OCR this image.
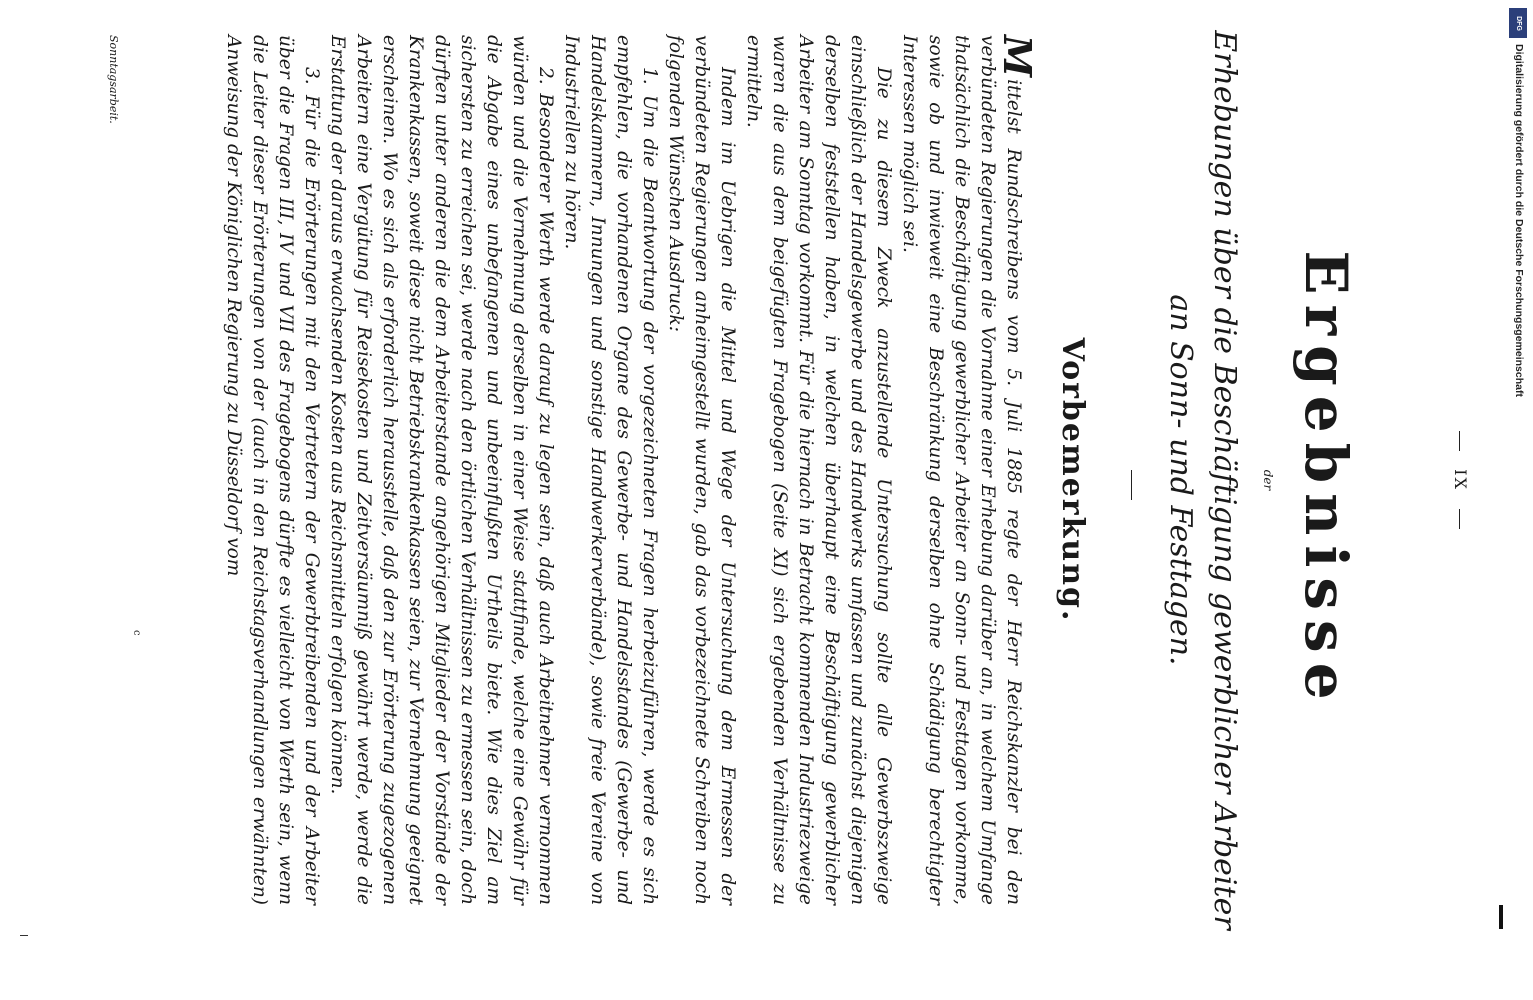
IX
Ergebnisse
der
Erhebungen über die Beschäftigung gewerblicher Arbeiter
an Sonn- und Festtagen.
Vorbemerkung.

Mittelst Rundschreibens vom 5. Juli 1885 regte der Herr Reichskanzler bei den verbündeten Regierungen die Vornahme einer Erhebung darüber an, in welchem Umfange thatsächlich die Beschäftigung gewerblicher Arbeiter an Sonn- und Festtagen vorkomme, sowie ob und inwieweit eine Beschränkung derselben ohne Schädigung berechtigter Interessen möglich sei.

Die zu diesem Zweck anzustellende Untersuchung sollte alle Gewerbszweige einschließlich der Handelsgewerbe und des Handwerks umfassen und zunächst diejenigen derselben feststellen haben, in welchen überhaupt eine Beschäftigung gewerblicher Arbeiter am Sonntag vorkommt. Für die hiernach in Betracht kommenden Industriezweige waren die aus dem beigefügten Fragebogen (Seite XI) sich ergebenden Verhältnisse zu ermitteln.

Indem im Uebrigen die Mittel und Wege der Untersuchung dem Ermessen der verbündeten Regierungen anheimgestellt wurden, gab das vorbezeichnete Schreiben noch folgenden Wünschen Ausdruck:

1. Um die Beantwortung der vorgezeichneten Fragen herbeizuführen, werde es sich empfehlen, die vorhandenen Organe des Gewerbe- und Handelsstandes (Gewerbe- und Handelskammern, Innungen und sonstige Handwerkerverbände), sowie freie Vereine von Industriellen zu hören.

2. Besonderer Werth werde darauf zu legen sein, daß auch Arbeitnehmer vernommen würden und die Vernehmung derselben in einer Weise stattfinde, welche eine Gewähr für die Abgabe eines unbefangenen und unbeeinflußten Urtheils biete. Wie dies Ziel am sichersten zu erreichen sei, werde nach den örtlichen Verhältnissen zu ermessen sein, doch dürften unter anderen die dem Arbeiterstande angehörigen Mitglieder der Vorstände der Krankenkassen, soweit diese nicht Betriebskrankenkassen seien, zur Vernehmung geeignet erscheinen. Wo es sich als erforderlich herausstelle, daß den zur Erörterung zugezogenen Arbeitern eine Vergütung für Reisekosten und Zeitversäumniß gewährt werde, werde die Erstattung der daraus erwachsenden Kosten aus Reichsmitteln erfolgen können.

3. Für die Erörterungen mit den Vertretern der Gewerbtreibenden und der Arbeiter über die Fragen III, IV und VII des Fragebogens dürfte es vielleicht von Werth sein, wenn die Leiter dieser Erörterungen von der (auch in den Reichstagsverhandlungen erwähnten) Anweisung der Königlichen Regierung zu Düsseldorf vom

Sonntagsarbeit.
c
DFG
Digitalisierung gefördert durch die Deutsche Forschungsgemeinschaft
